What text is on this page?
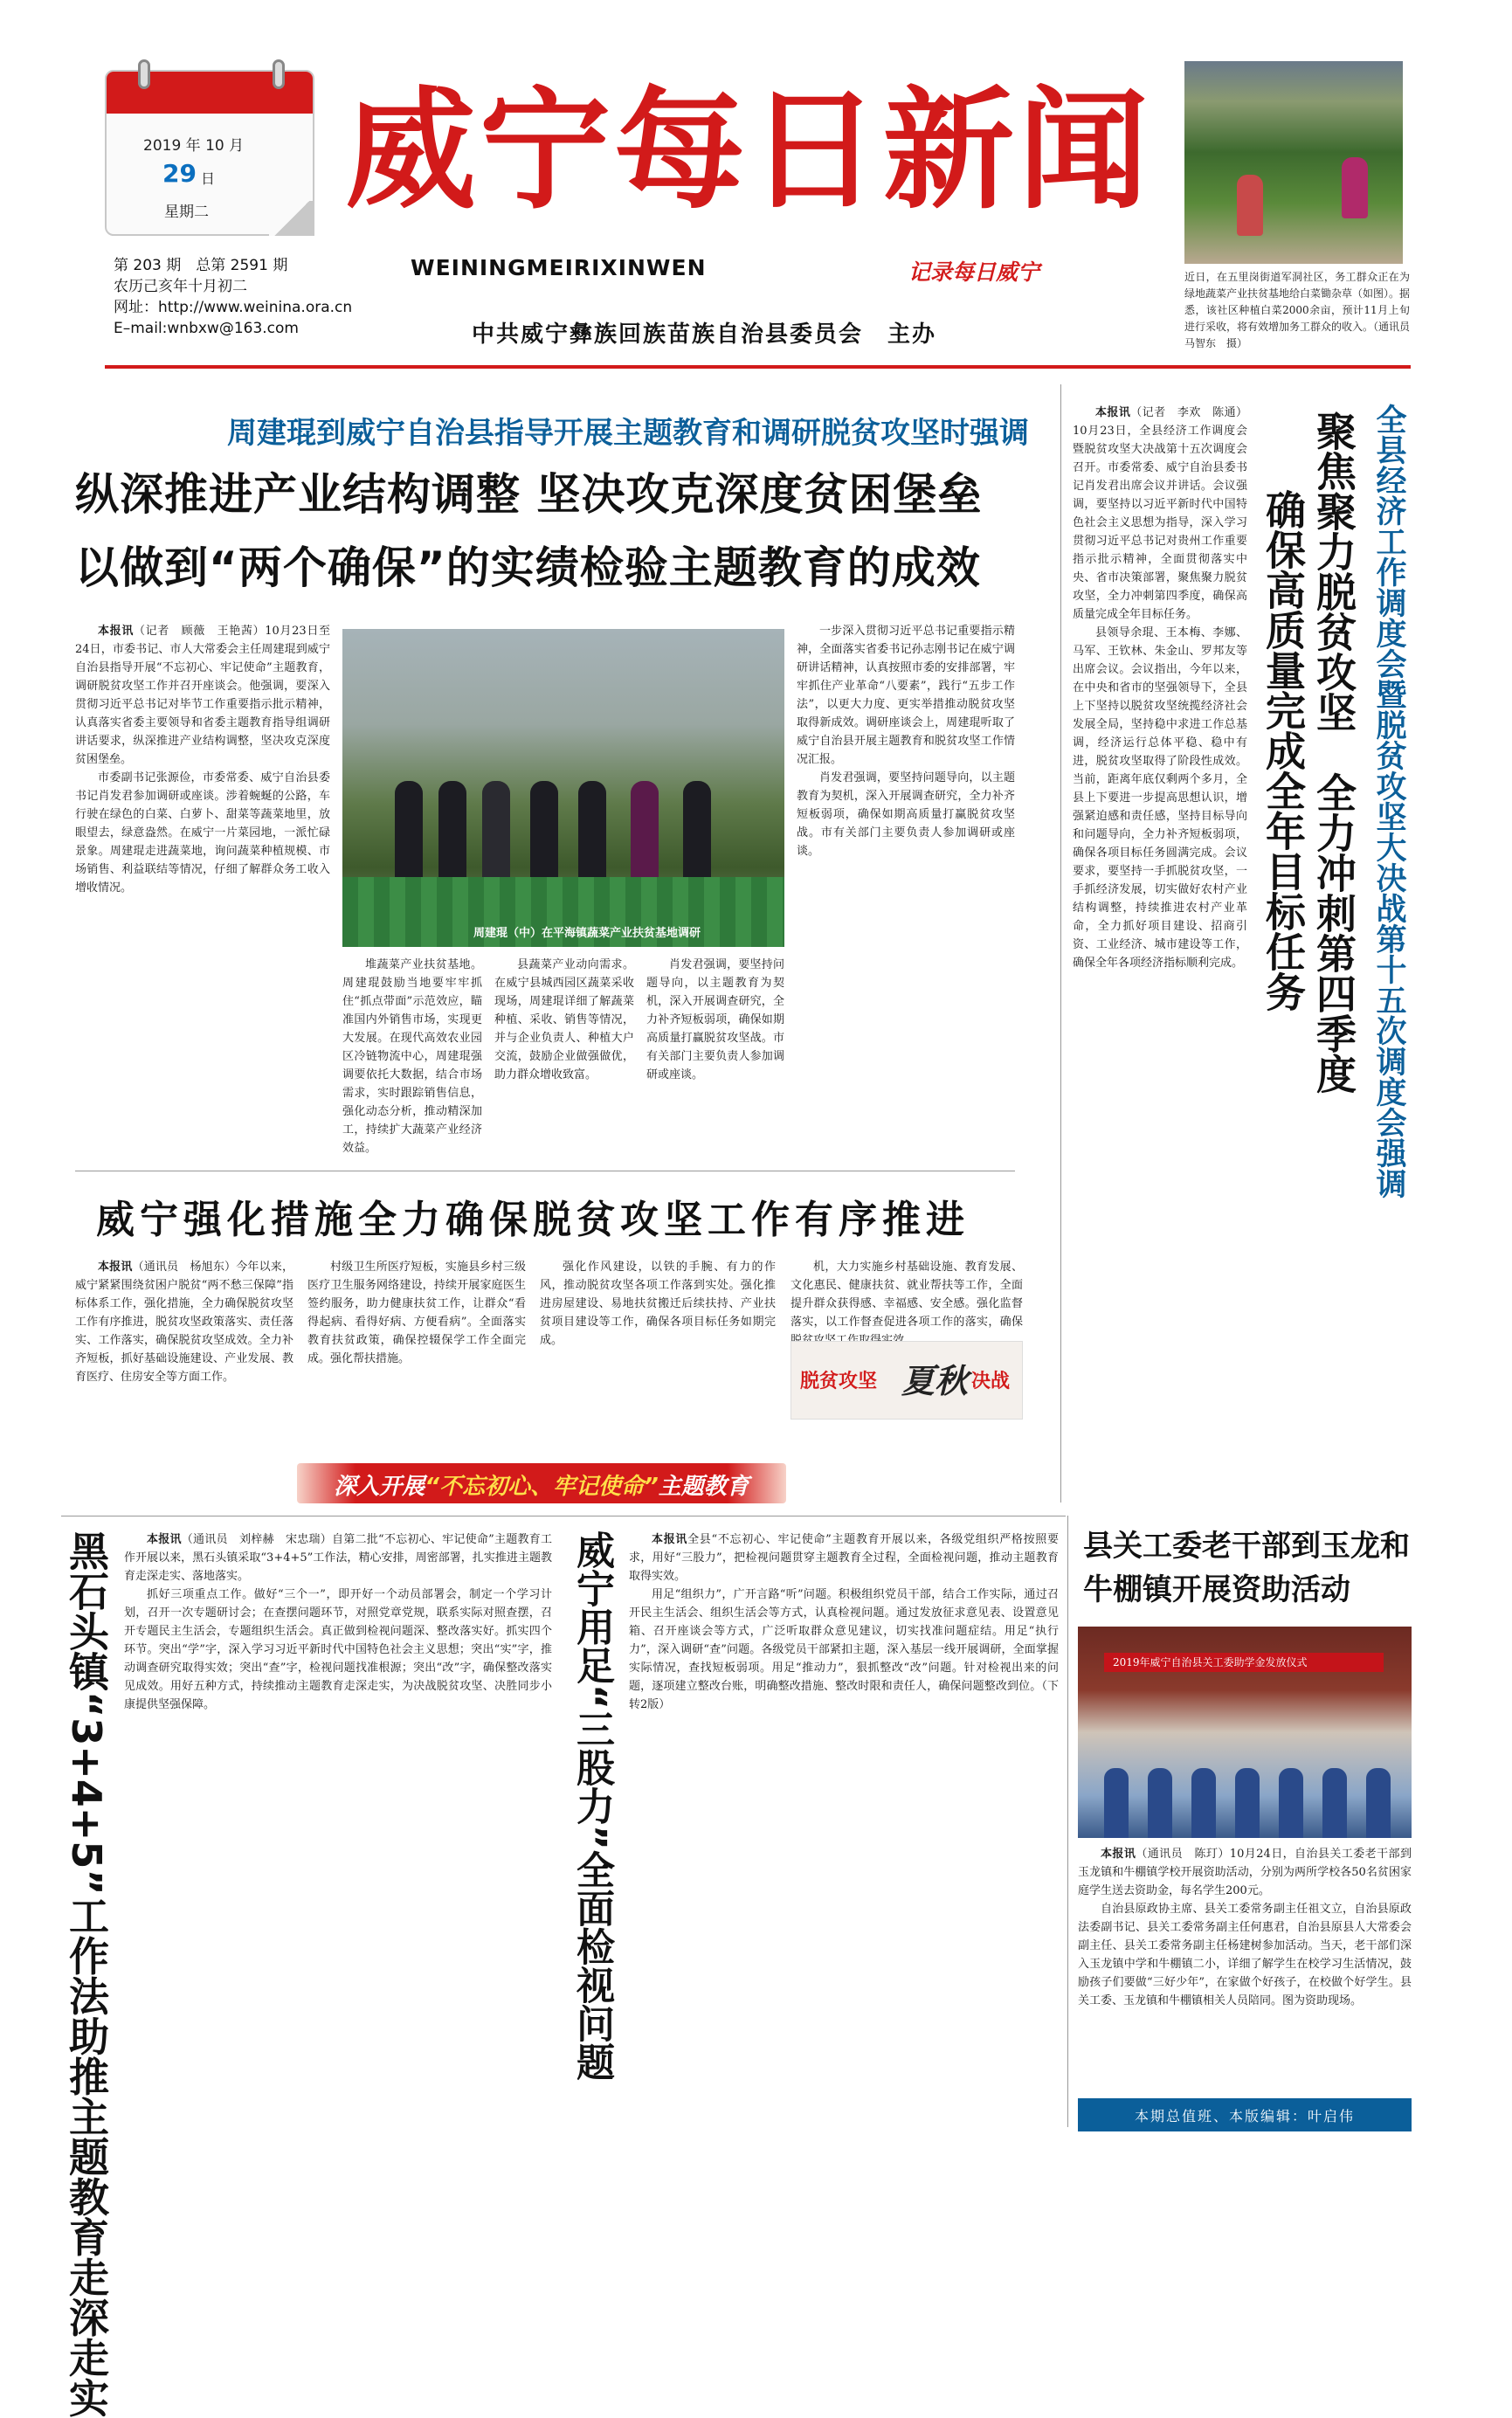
2019 年 10 月
29 日
星期二
第 203 期　总第 2591 期
农历己亥年十月初二
网址：http://www.weinina.ora.cn
E–mail:wnbxw@163.com
威宁每日新闻
WEININGMEIRIXINWEN	记录每日威宁
中共威宁彝族回族苗族自治县委员会　主办
近日，在五里岗街道军洞社区，务工群众正在为绿地蔬菜产业扶贫基地给白菜锄杂草（如图）。据悉，该社区种植白菜2000余亩，预计11月上旬进行采收，将有效增加务工群众的收入。（通讯员　马智东　摄）
周建琨到威宁自治县指导开展主题教育和调研脱贫攻坚时强调
纵深推进产业结构调整 坚决攻克深度贫困堡垒
以做到“两个确保”的实绩检验主题教育的成效

本报讯（记者　顾薇　王艳茜）10月23日至24日，市委书记、市人大常委会主任周建琨到威宁自治县指导开展“不忘初心、牢记使命”主题教育，调研脱贫攻坚工作并召开座谈会。他强调，要深入贯彻习近平总书记对毕节工作重要指示批示精神，认真落实省委主要领导和省委主题教育指导组调研讲话要求，纵深推进产业结构调整，坚决攻克深度贫困堡垒。

市委副书记张源俭，市委常委、威宁自治县委书记肖发君参加调研或座谈。涉着蜿蜒的公路，车行驶在绿色的白菜、白萝卜、甜菜等蔬菜地里，放眼望去，绿意盎然。在威宁一片菜园地，一派忙碌景象。周建琨走进蔬菜地，询问蔬菜种植规模、市场销售、利益联结等情况，仔细了解群众务工收入增收情况。

周建琨（中）在平海镇蔬菜产业扶贫基地调研

堆蔬菜产业扶贫基地。周建琨鼓励当地要牢牢抓住“抓点带面”示范效应，瞄准国内外销售市场，实现更大发展。在现代高效农业园区冷链物流中心，周建琨强调要依托大数据，结合市场需求，实时跟踪销售信息，强化动态分析，推动精深加工，持续扩大蔬菜产业经济效益。

县蔬菜产业动向需求。在威宁县城西园区蔬菜采收现场，周建琨详细了解蔬菜种植、采收、销售等情况，并与企业负责人、种植大户交流，鼓励企业做强做优，助力群众增收致富。

肖发君强调，要坚持问题导向，以主题教育为契机，深入开展调查研究，全力补齐短板弱项，确保如期高质量打赢脱贫攻坚战。市有关部门主要负责人参加调研或座谈。

一步深入贯彻习近平总书记重要指示精神，全面落实省委书记孙志刚书记在威宁调研讲话精神，认真按照市委的安排部署，牢牢抓住产业革命“八要素”，践行“五步工作法”，以更大力度、更实举措推动脱贫攻坚取得新成效。调研座谈会上，周建琨听取了威宁自治县开展主题教育和脱贫攻坚工作情况汇报。

肖发君强调，要坚持问题导向，以主题教育为契机，深入开展调查研究，全力补齐短板弱项，确保如期高质量打赢脱贫攻坚战。市有关部门主要负责人参加调研或座谈。

本报讯（记者　李欢　陈通）10月23日，全县经济工作调度会暨脱贫攻坚大决战第十五次调度会召开。市委常委、威宁自治县委书记肖发君出席会议并讲话。会议强调，要坚持以习近平新时代中国特色社会主义思想为指导，深入学习贯彻习近平总书记对贵州工作重要指示批示精神，全面贯彻落实中央、省市决策部署，聚焦聚力脱贫攻坚，全力冲刺第四季度，确保高质量完成全年目标任务。

县领导余琨、王本梅、李娜、马军、王钦林、朱金山、罗邦友等出席会议。会议指出，今年以来，在中央和省市的坚强领导下，全县上下坚持以脱贫攻坚统揽经济社会发展全局，坚持稳中求进工作总基调，经济运行总体平稳、稳中有进，脱贫攻坚取得了阶段性成效。当前，距离年底仅剩两个多月，全县上下要进一步提高思想认识，增强紧迫感和责任感，坚持目标导向和问题导向，全力补齐短板弱项，确保各项目标任务圆满完成。会议要求，要坚持一手抓脱贫攻坚，一手抓经济发展，切实做好农村产业结构调整，持续推进农村产业革命，全力抓好项目建设、招商引资、工业经济、城市建设等工作，确保全年各项经济指标顺利完成。	全县经济工作调度会暨脱贫攻坚大决战第十五次调度会强调
聚焦聚力脱贫攻坚　全力冲刺第四季度
确保高质量完成全年目标任务
威宁强化措施全力确保脱贫攻坚工作有序推进

本报讯（通讯员　杨旭东）今年以来，威宁紧紧围绕贫困户脱贫“两不愁三保障”指标体系工作，强化措施，全力确保脱贫攻坚工作有序推进，脱贫攻坚政策落实、责任落实、工作落实，确保脱贫攻坚成效。全力补齐短板，抓好基础设施建设、产业发展、教育医疗、住房安全等方面工作。

村级卫生所医疗短板，实施县乡村三级医疗卫生服务网络建设，持续开展家庭医生签约服务，助力健康扶贫工作，让群众“看得起病、看得好病、方便看病”。全面落实教育扶贫政策，确保控辍保学工作全面完成。强化帮扶措施。

强化作风建设，以铁的手腕、有力的作风，推动脱贫攻坚各项工作落到实处。强化推进房屋建设、易地扶贫搬迁后续扶持、产业扶贫项目建设等工作，确保各项目标任务如期完成。

机，大力实施乡村基础设施、教育发展、文化惠民、健康扶贫、就业帮扶等工作，全面提升群众获得感、幸福感、安全感。强化监督落实，以工作督查促进各项工作的落实，确保

脱贫攻坚 夏秋 决战
深入开展“不忘初心、牢记使命”主题教育
黑石头镇“3+4+5”工作法助推主题教育走深走实	本报讯（通讯员　刘梓赫　宋忠瑞）自第二批“不忘初心、牢记使命”主题教育工作开展以来，黑石头镇采取“3+4+5”工作法，精心安排，周密部署，扎实推进主题教育走深走实、落地落实。

抓好三项重点工作。做好“三个一”，即开好一个动员部署会，制定一个学习计划，召开一次专题研讨会；在查摆问题环节，对照党章党规，联系实际对照查摆，召开专题民主生活会，专题组织生活会。真正做到检视问题深、整改落实好。抓实四个环节。突出“学”字，深入学习习近平新时代中国特色社会主义思想；突出“实”字，推动调查研究取得实效；突出“查”字，检视问题找准根源；突出“改”字，确保整改落实见成效。用好五种方式，持续推动主题教育走深走实，为决战脱贫攻坚、决胜同步小康提供坚强保障。	威宁用足“三股力”全面检视问题	本报讯全县“不忘初心、牢记使命”主题教育开展以来，各级党组织严格按照要求，用好“三股力”，把检视问题贯穿主题教育全过程，全面检视问题，推动主题教育取得实效。

用足“组织力”，广开言路“听”问题。积极组织党员干部，结合工作实际，通过召开民主生活会、组织生活会等方式，认真检视问题。通过发放征求意见表、设置意见箱、召开座谈会等方式，广泛听取群众意见建议，切实找准问题症结。用足“执行力”，深入调研“查”问题。各级党员干部紧扣主题，深入基层一线开展调研，全面掌握实际情况，查找短板弱项。用足“推动力”，狠抓整改“改”问题。针对检视出来的问题，逐项建立整改台账，明确整改措施、整改时限和责任人，确保问题整改到位。（下转2版）

县关工委老干部到玉龙和牛棚镇开展资助活动
2019年威宁自治县关工委助学金发放仪式

本报讯（通讯员　陈玎）10月24日，自治县关工委老干部到玉龙镇和牛棚镇学校开展资助活动，分别为两所学校各50名贫困家庭学生送去资助金，每名学生200元。

自治县原政协主席、县关工委常务副主任祖文立，自治县原政法委副书记、县关工委常务副主任何惠君，自治县原县人大常委会副主任、县关工委常务副主任杨建树参加活动。当天，老干部们深入玉龙镇中学和牛棚镇二小，详细了解学生在校学习生活情况，鼓励孩子们要做“三好少年”，在家做个好孩子，在校做个好学生。县关工委、玉龙镇和牛棚镇相关人员陪同。图为资助现场。

本期总值班、本版编辑：叶启伟
